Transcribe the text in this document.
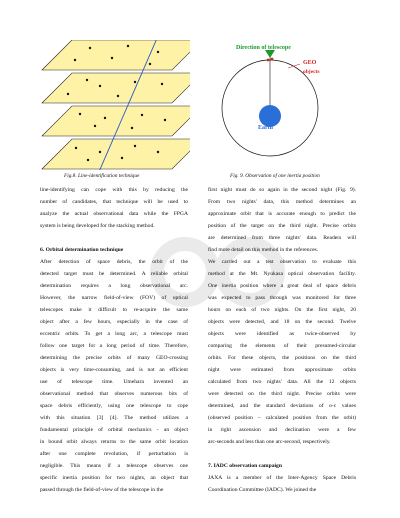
Fig.8. Line-identification technique
Direction of telescope
GEO
objects
Earth
Fig. 9. Observation of one inertia position
line-identifying can cope with this by reducing the
number of candidates, that technique will be used to
analyze the actual observational data while the FPGA
system is being developed for the stacking method.
6. Orbital determination technique
After detection of space debris, the orbit of the
detected target must be determined. A reliable orbital
determination requires a long observational arc.
However, the narrow field-of-view (FOV) of optical
telescopes make it difficult to re-acquire the same
object after a few hours, especially in the case of
eccentric orbits. To get a long arc, a telescope must
follow one target for a long period of time. Therefore,
determining the precise orbits of many GEO-crossing
objects is very time-consuming, and is not an efficient
use of telescope time. Umehara invented an
observational method that observes numerous bits of
space debris efficiently, using one telescope to cope
with this situation [3] [4]. The method utilizes a
fundamental principle of orbital mechanics - an object
in bound orbit always returns to the same orbit location
after one complete revolution, if perturbation is
negligible. This means if a telescope observes one
specific inertia position for two nights, an object that
passed through the field-of-view of the telescope in the
first night must do so again in the second night (Fig. 9).
From two nights' data, this method determines an
approximate orbit that is accurate enough to predict the
position of the target on the third night. Precise orbits
are determined from three nights' data. Readers will
find more detail on this method in the references.
We carried out a test observation to evaluate this
method at the Mt. Nyukasa optical observation facility.
One inertia position where a great deal of space debris
was expected to pass through was monitored for three
hours on each of two nights. On the first night, 20
objects were detected, and 18 on the second. Twelve
objects were identified as twice-observed by
comparing the elements of their presumed-circular
orbits. For these objects, the positions on the third
night were estimated from approximate orbits
calculated from two nights' data. All the 12 objects
were detected on the third night. Precise orbits were
determined, and the standard deviations of o-c values
(observed position – calculated position from the orbit)
in right ascension and declination were a few
arc-seconds and less than one arc-second, respectively.
7. IADC observation campaign
JAXA is a member of the Inter-Agency Space Debris
Coordination Committee (IADC). We joined the
